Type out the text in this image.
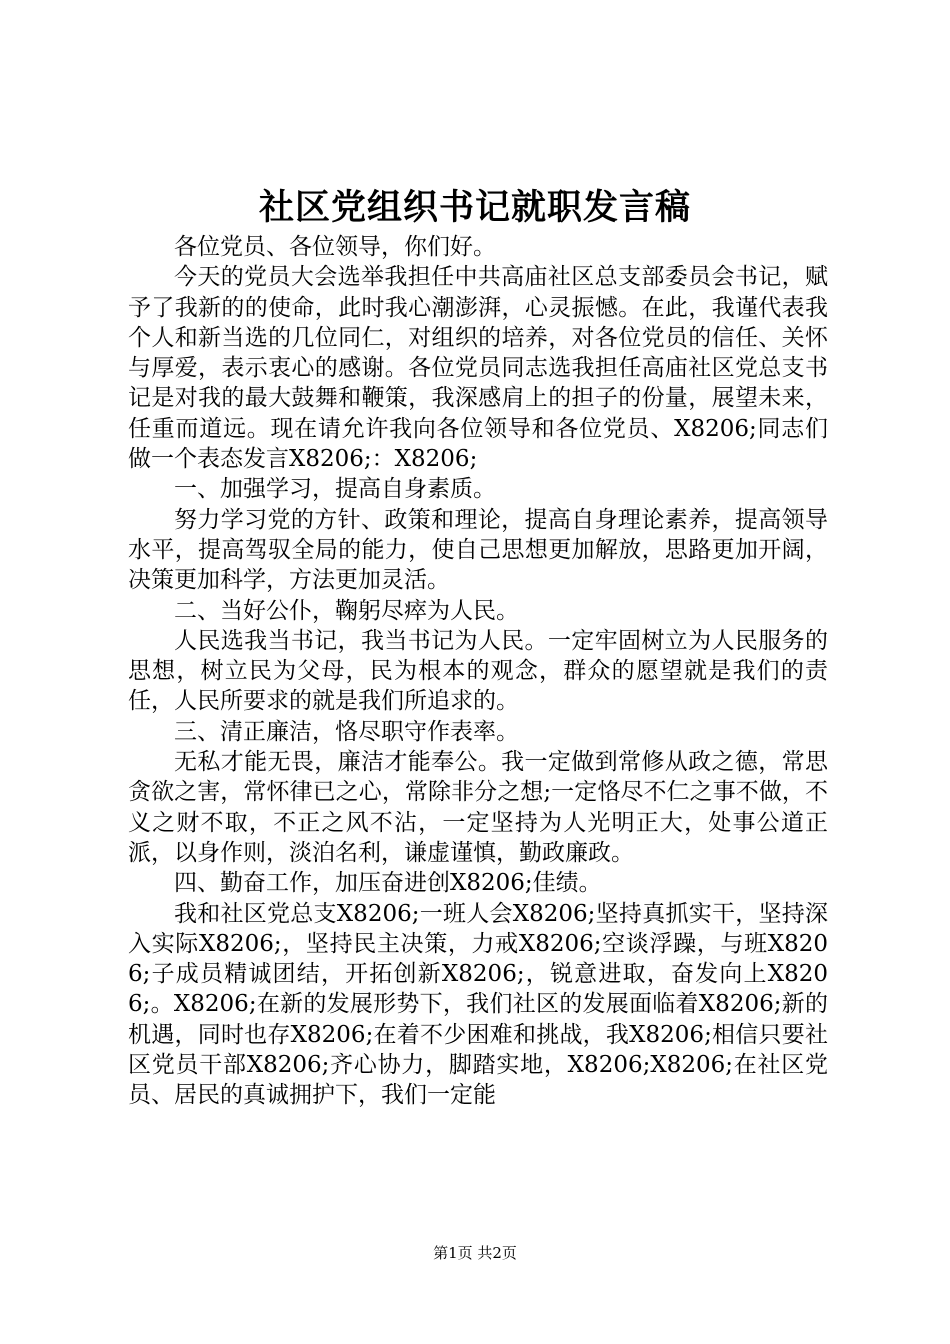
社区党组织书记就职发言稿

各位党员、各位领导，你们好。

今天的党员大会选举我担任中共高庙社区总支部委员会书记，赋予了我新的的使命，此时我心潮澎湃，心灵振憾。在此，我谨代表我个人和新当选的几位同仁，对组织的培养，对各位党员的信任、关怀与厚爱，表示衷心的感谢。各位党员同志选我担任高庙社区党总支书记是对我的最大鼓舞和鞭策，我深感肩上的担子的份量，展望未来，任重而道远。现在请允许我向各位领导和各位党员、X8206;同志们做一个表态发言X8206;：X8206;

一、加强学习，提高自身素质。

努力学习党的方针、政策和理论，提高自身理论素养，提高领导水平，提高驾驭全局的能力，使自己思想更加解放，思路更加开阔，决策更加科学，方法更加灵活。

二、当好公仆，鞠躬尽瘁为人民。

人民选我当书记，我当书记为人民。一定牢固树立为人民服务的思想，树立民为父母，民为根本的观念，群众的愿望就是我们的责任，人民所要求的就是我们所追求的。

三、清正廉洁，恪尽职守作表率。

无私才能无畏，廉洁才能奉公。我一定做到常修从政之德，常思贪欲之害，常怀律已之心，常除非分之想;一定恪尽不仁之事不做，不义之财不取，不正之风不沾，一定坚持为人光明正大，处事公道正派，以身作则，淡泊名利，谦虚谨慎，勤政廉政。

四、勤奋工作，加压奋进创X8206;佳绩。

我和社区党总支X8206;一班人会X8206;坚持真抓实干，坚持深入实际X8206;，坚持民主决策，力戒X8206;空谈浮躁，与班X8206;子成员精诚团结，开拓创新X8206;，锐意进取，奋发向上X8206;。X8206;在新的发展形势下，我们社区的发展面临着X8206;新的机遇，同时也存X8206;在着不少困难和挑战，我X8206;相信只要社区党员干部X8206;齐心协力，脚踏实地，X8206;X8206;在社区党员、居民的真诚拥护下，我们一定能

第1页 共2页
